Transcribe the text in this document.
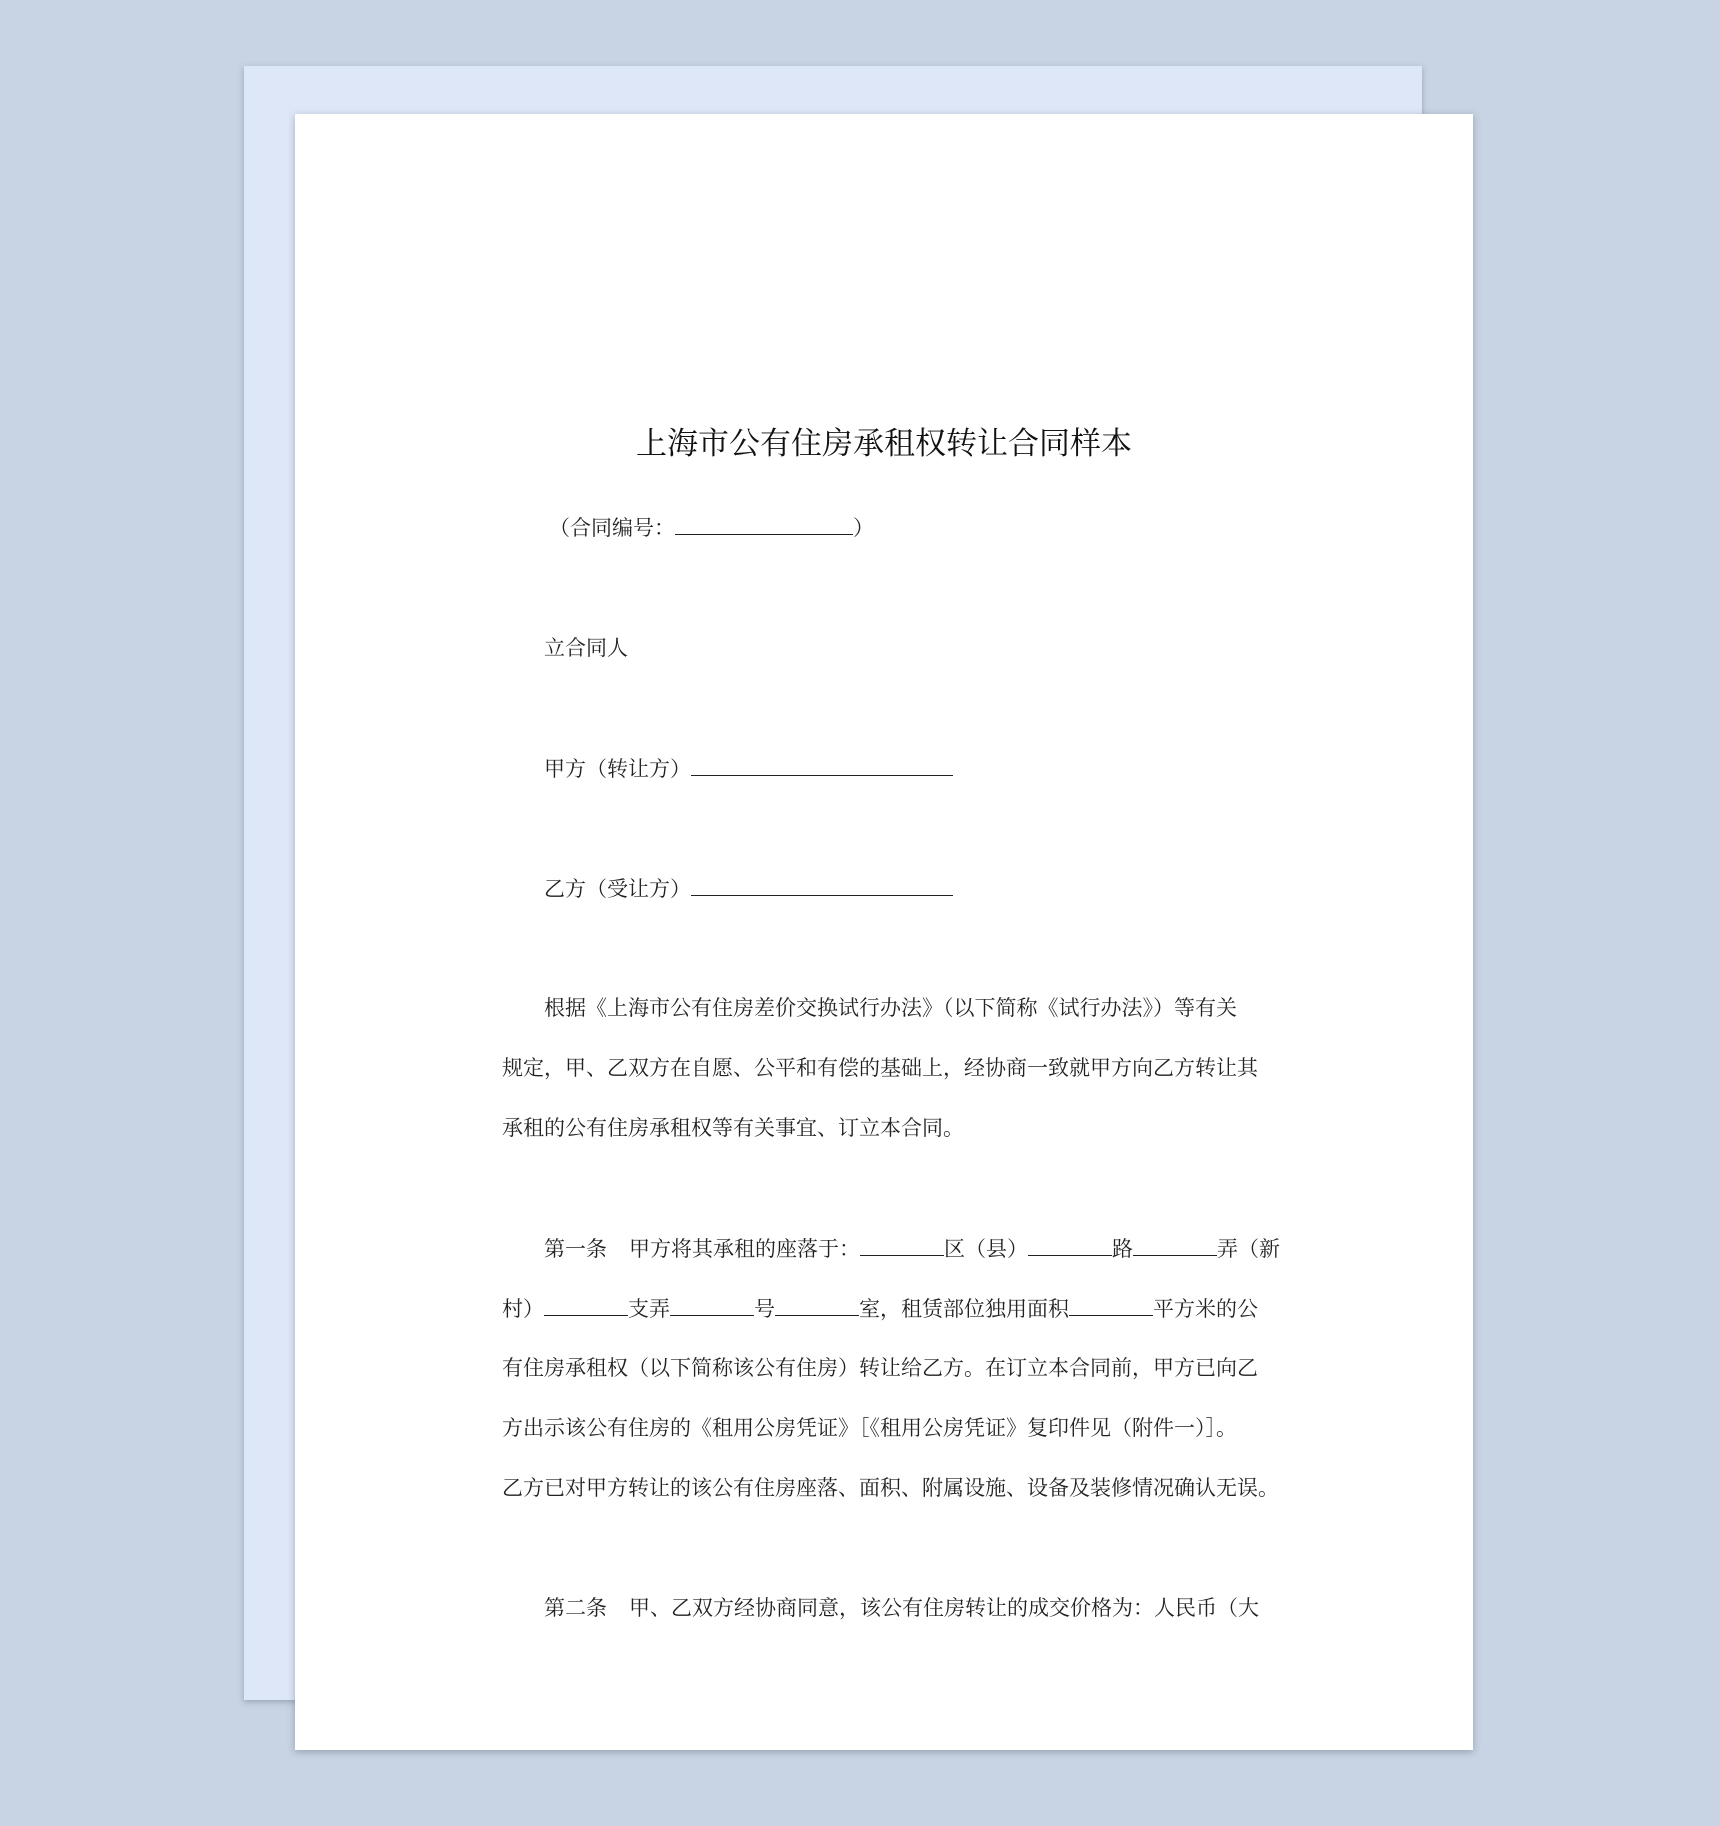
上海市公有住房承租权转让合同样本
（合同编号：	）
立合同人
甲方（转让方）
乙方（受让方）
根据《上海市公有住房差价交换试行办法》（以下简称《试行办法》）等有关
规定，甲、乙双方在自愿、公平和有偿的基础上，经协商一致就甲方向乙方转让其
承租的公有住房承租权等有关事宜、订立本合同。
第一条 甲方将其承租的座落于：	区（县）	路	弄（新
村）	支弄	号	室，租赁部位独用面积	平方米的公
有住房承租权（以下简称该公有住房）转让给乙方。在订立本合同前，甲方已向乙
方出示该公有住房的《租用公房凭证》［《租用公房凭证》复印件见（附件一）］。
乙方已对甲方转让的该公有住房座落、面积、附属设施、设备及装修情况确认无误。
第二条 甲、乙双方经协商同意，该公有住房转让的成交价格为：人民币（大
